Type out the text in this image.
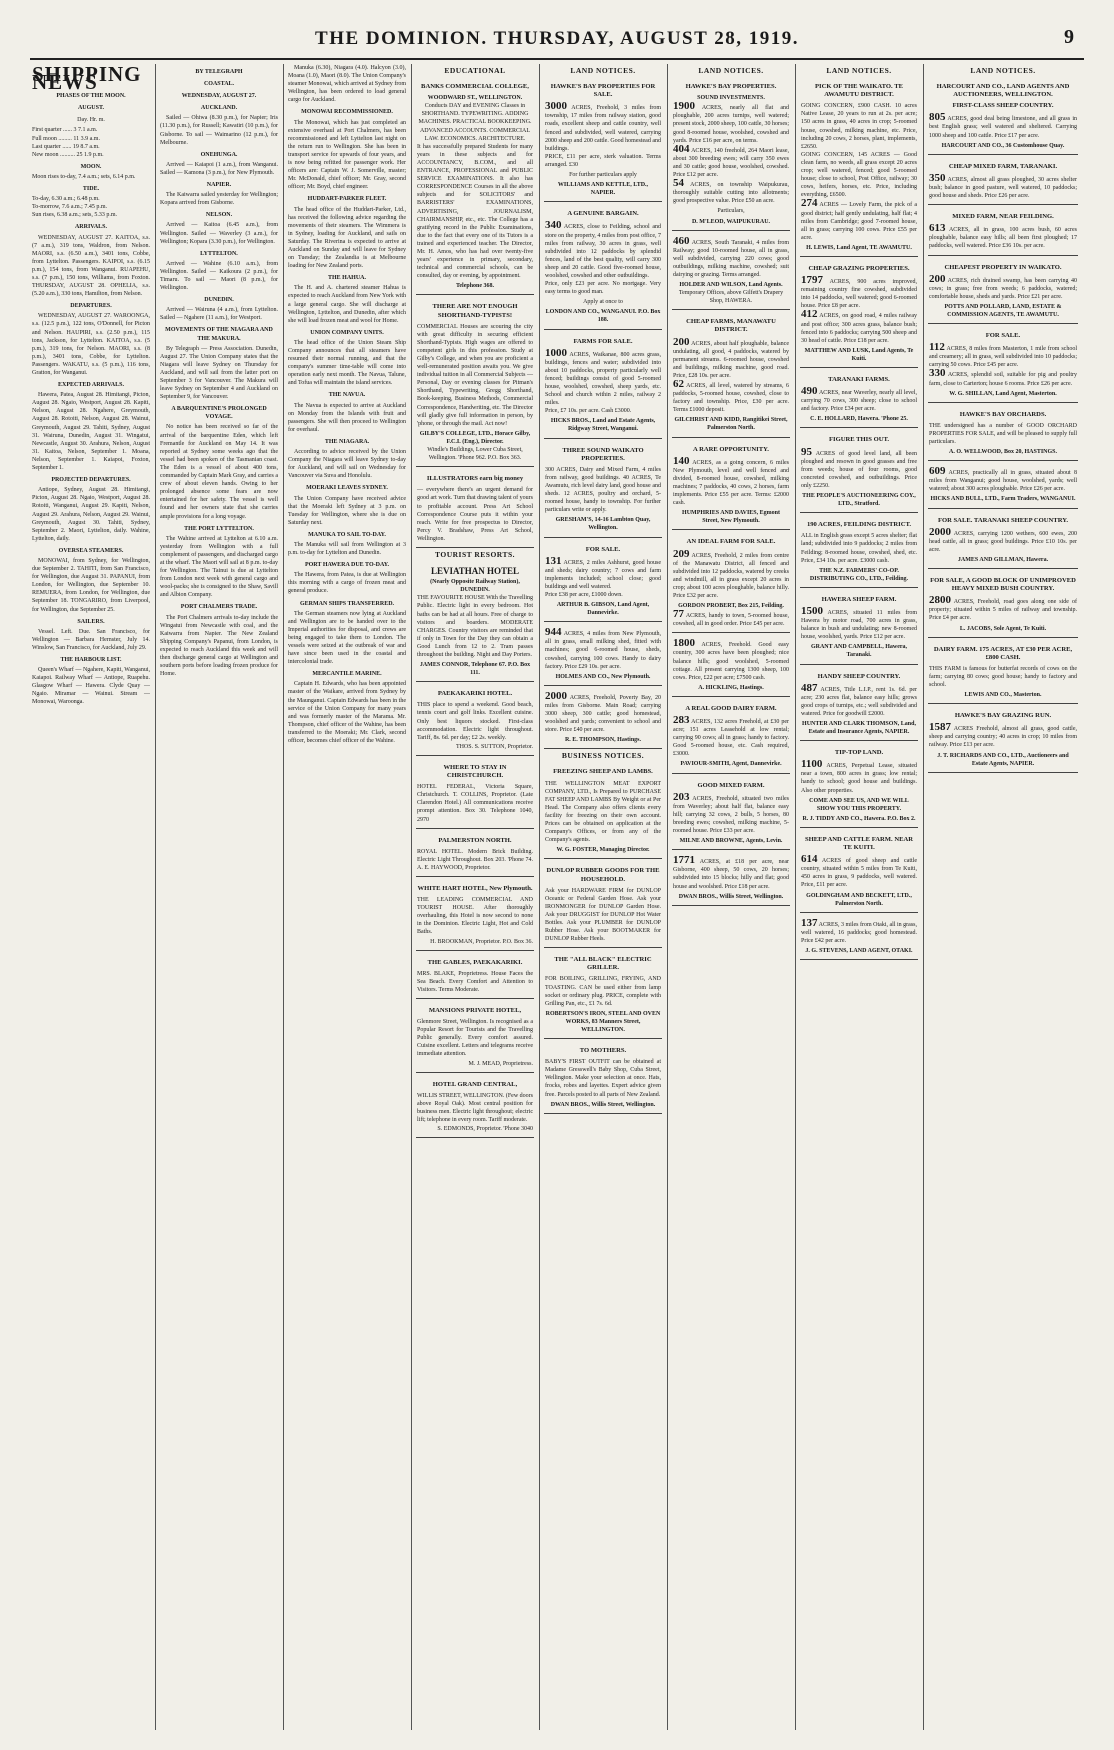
THE DOMINION. THURSDAY, AUGUST 28, 1919.	9
SHIPPING NEWS
PHASES OF THE MOON.
AUGUST.
Day. Hr. m.
First quarter ...... 3 7.1 a.m.
Full moon ......... 11 3.9 a.m.
Last quarter ...... 19 8.7 a.m.
New moon .......... 25 1.9 p.m.
MOON.
Moon rises to-day, 7.4 a.m.; sets, 6.14 p.m.
TIDE.
To-day, 6.30 a.m.; 6.48 p.m.
To-morrow, 7.6 a.m.; 7.45 p.m.
Sun rises, 6.38 a.m.; sets, 5.33 p.m.
ARRIVALS.

WEDNESDAY, AUGUST 27. KAITOA, s.s. (7 a.m.), 319 tons, Waldron, from Nelson. MAORI, s.s. (6.50 a.m.), 3401 tons, Cobbe, from Lyttelton. Passengers. KAIPOI, s.s. (6.15 p.m.), 154 tons, from Wanganui. RUAPEHU, s.s. (7 p.m.), 150 tons, Williams, from Foxton. THURSDAY, AUGUST 28. OPHELIA, s.s. (5.20 a.m.), 330 tons, Hamilton, from Nelson.

DEPARTURES.

WEDNESDAY, AUGUST 27. WAROONGA, s.s. (12.5 p.m.), 122 tons, O'Donnell, for Picton and Nelson. HAUPIRI, s.s. (2.50 p.m.), 115 tons, Jackson, for Lyttelton. KAITOA, s.s. (5 p.m.), 319 tons, for Nelson. MAORI, s.s. (8 p.m.), 3401 tons, Cobbe, for Lyttelton. Passengers. WAKATU, s.s. (5 p.m.), 116 tons, Gratton, for Wanganui.

EXPECTED ARRIVALS.

Hawera, Patea, August 28. Himitangi, Picton, August 28. Ngaio, Westport, August 28. Kapiti, Nelson, August 28. Ngahere, Greymouth, August 28. Rotoiti, Nelson, August 28. Wainui, Greymouth, August 29. Tahiti, Sydney, August 31. Wairuna, Dunedin, August 31. Wingatui, Newcastle, August 30. Arahura, Nelson, August 31. Kaitoa, Nelson, September 1. Moana, Nelson, September 1. Kaiapoi, Foxton, September 1.

PROJECTED DEPARTURES.

Antiope, Sydney, August 28. Himitangi, Picton, August 28. Ngaio, Westport, August 28. Rotoiti, Wanganui, August 29. Kapiti, Nelson, August 29. Arahura, Nelson, August 29. Wainui, Greymouth, August 30. Tahiti, Sydney, September 2. Maori, Lyttelton, daily. Wahine, Lyttelton, daily.

OVERSEA STEAMERS.

MONOWAI, from Sydney, for Wellington, due September 2. TAHITI, from San Francisco, for Wellington, due August 31. PAPANUI, from London, for Wellington, due September 10. REMUERA, from London, for Wellington, due September 18. TONGARIRO, from Liverpool, for Wellington, due September 25.

SAILERS.

Vessel. Left. Due. San Francisco, for Wellington — Barbara Hernster, July 14. Winslow, San Francisco, for Auckland, July 29.

THE HARBOUR LIST.

Queen's Wharf — Ngahere, Kapiti, Wanganui, Kaiapoi. Railway Wharf — Antiope, Ruapehu. Glasgow Wharf — Hawera. Clyde Quay — Ngaio. Miramar — Wainui. Stream — Monowai, Waroonga.

BY TELEGRAPH
COASTAL.
WEDNESDAY, AUGUST 27.
AUCKLAND.

Sailed — Ohiwa (8.30 p.m.), for Napier; Iris (11.30 p.m.), for Russell; Kawatiri (10 p.m.), for Gisborne. To sail — Waimarino (12 p.m.), for Melbourne.

ONEHUNGA.

Arrived — Kaiapoi (1 a.m.), from Wanganui. Sailed — Kamona (3 p.m.), for New Plymouth.

NAPIER.

The Kaiwarra sailed yesterday for Wellington; Kopara arrived from Gisborne.

NELSON.

Arrived — Kaitoa (6.45 a.m.), from Wellington. Sailed — Waverley (3 a.m.), for Wellington; Kopara (3.30 p.m.), for Wellington.

LYTTELTON.

Arrived — Wahine (6.10 a.m.), from Wellington. Sailed — Kaikoura (2 p.m.), for Timaru. To sail — Maori (8 p.m.), for Wellington.

DUNEDIN.

Arrived — Wairuna (4 a.m.), from Lyttelton. Sailed — Ngahere (11 a.m.), for Westport.

MOVEMENTS OF THE NIAGARA AND THE MAKURA.

By Telegraph — Press Association. Dunedin, August 27. The Union Company states that the Niagara will leave Sydney on Thursday for Auckland, and will sail from the latter port on September 3 for Vancouver. The Makura will leave Sydney on September 4 and Auckland on September 9, for Vancouver.

A BARQUENTINE'S PROLONGED VOYAGE.

No notice has been received so far of the arrival of the barquentine Eden, which left Fremantle for Auckland on May 14. It was reported at Sydney some weeks ago that the vessel had been spoken of the Tasmanian coast. The Eden is a vessel of about 400 tons, commanded by Captain Mark Gray, and carries a crew of about eleven hands. Owing to her prolonged absence some fears are now entertained for her safety. The vessel is well found and her owners state that she carries ample provisions for a long voyage.

THE PORT LYTTELTON.

The Wahine arrived at Lyttelton at 6.10 a.m. yesterday from Wellington with a full complement of passengers, and discharged cargo at the wharf. The Maori will sail at 8 p.m. to-day for Wellington. The Tainui is due at Lyttelton from London next week with general cargo and wool-packs; she is consigned to the Shaw, Savill and Albion Company.

PORT CHALMERS TRADE.

The Port Chalmers arrivals to-day include the Wingatui from Newcastle with coal, and the Kaiwarra from Napier. The New Zealand Shipping Company's Papanui, from London, is expected to reach Auckland this week and will then discharge general cargo at Wellington and southern ports before loading frozen produce for Home.

Manuka (6.30), Niagara (4.0). Halcyon (3.0), Moana (1.0), Maori (8.0). The Union Company's steamer Monowai, which arrived at Sydney from Wellington, has been ordered to load general cargo for Auckland.

MONOWAI RECOMMISSIONED.

The Monowai, which has just completed an extensive overhaul at Port Chalmers, has been recommissioned and left Lyttelton last night on the return run to Wellington. She has been in transport service for upwards of four years, and is now being refitted for passenger work. Her officers are: Captain W. J. Somerville, master; Mr. McDonald, chief officer; Mr. Gray, second officer; Mr. Boyd, chief engineer.

HUDDART-PARKER FLEET.

The head office of the Huddart-Parker, Ltd., has received the following advice regarding the movements of their steamers. The Wimmera is in Sydney, loading for Auckland, and sails on Saturday. The Riverina is expected to arrive at Auckland on Sunday and will leave for Sydney on Tuesday; the Zealandia is at Melbourne loading for New Zealand ports.

THE HAHUA.

The H. and A. chartered steamer Hahua is expected to reach Auckland from New York with a large general cargo. She will discharge at Wellington, Lyttelton, and Dunedin, after which she will load frozen meat and wool for Home.

UNION COMPANY UNITS.

The head office of the Union Steam Ship Company announces that all steamers have resumed their normal running, and that the company's summer time-table will come into operation early next month. The Navua, Talune, and Tofua will maintain the island services.

THE NAVUA.

The Navua is expected to arrive at Auckland on Monday from the Islands with fruit and passengers. She will then proceed to Wellington for overhaul.

THE NIAGARA.

According to advice received by the Union Company the Niagara will leave Sydney to-day for Auckland, and will sail on Wednesday for Vancouver via Suva and Honolulu.

MOERAKI LEAVES SYDNEY.

The Union Company have received advice that the Moeraki left Sydney at 3 p.m. on Tuesday for Wellington, where she is due on Saturday next.

MANUKA TO SAIL TO-DAY.

The Manuka will sail from Wellington at 3 p.m. to-day for Lyttelton and Dunedin.

PORT HAWERA DUE TO-DAY.

The Hawera, from Patea, is due at Wellington this morning with a cargo of frozen meat and general produce.

GERMAN SHIPS TRANSFERRED.

The German steamers now lying at Auckland and Wellington are to be handed over to the Imperial authorities for disposal, and crews are being engaged to take them to London. The vessels were seized at the outbreak of war and have since been used in the coastal and intercolonial trade.

MERCANTILE MARINE.

Captain H. Edwards, who has been appointed master of the Waikare, arrived from Sydney by the Maunganui. Captain Edwards has been in the service of the Union Company for many years and was formerly master of the Marama. Mr. Thompson, chief officer of the Wahine, has been transferred to the Moeraki; Mr. Clark, second officer, becomes chief officer of the Wahine.

EDUCATIONAL
BANKS COMMERCIAL COLLEGE,
WOODWARD ST., WELLINGTON.
Conducts DAY and EVENING Classes in SHORTHAND. TYPEWRITING. ADDING MACHINES. PRACTICAL BOOKKEEPING. ADVANCED ACCOUNTS. COMMERCIAL LAW. ECONOMICS. ARCHITECTURE.
It has successfully prepared Students for many years in these subjects and for ACCOUNTANCY, B.COM., and all ENTRANCE, PROFESSIONAL and PUBLIC SERVICE EXAMINATIONS. It also has CORRESPONDENCE Courses in all the above subjects and for SOLICITORS' and BARRISTERS' EXAMINATIONS, ADVERTISING, JOURNALISM, CHAIRMANSHIP, etc., etc. The College has a gratifying record in the Public Examinations, due to the fact that every one of its Tutors is a trained and experienced teacher. The Director, Mr. H. Amos, who has had over twenty-five years' experience in primary, secondary, technical and commercial schools, can be consulted, day or evening, by appointment.
Telephone 368.
THERE ARE NOT ENOUGH SHORTHAND-TYPISTS!
COMMERCIAL Houses are scouring the city with great difficulty in securing efficient Shorthand-Typists. High wages are offered to competent girls in this profession. Study at Gilby's College, and when you are proficient a well-remunerated position awaits you. We give individual tuition in all Commercial Subjects — Personal, Day or evening classes for Pitman's Shorthand, Typewriting, Gregg Shorthand, Book-keeping, Business Methods, Commercial Correspondence, Handwriting, etc. The Director will gladly give full information in person, by 'phone, or through the mail. Act now!
GILBY'S COLLEGE, LTD., Horace Gilby, F.C.I. (Eng.), Director.
Windle's Buildings, Lower Cuba Street, Wellington. 'Phone 962. P.O. Box 363.
ILLUSTRATORS earn big money
— everywhere there's an urgent demand for good art work. Turn that drawing talent of yours to profitable account. Press Art School Correspondence Course puts it within your reach. Write for free prospectus to Director, Percy V. Bradshaw, Press Art School, Wellington.
TOURIST RESORTS.
LEVIATHAN HOTEL
(Nearly Opposite Railway Station), DUNEDIN.
THE FAVOURITE HOUSE With the Travelling Public. Electric light in every bedroom. Hot baths can be had at all hours. Free of charge to visitors and boarders. MODERATE CHARGES. Country visitors are reminded that if only in Town for the Day they can obtain a Good Lunch from 12 to 2. Tram passes throughout the building. Night and Day Porters.
JAMES CONNOR, Telephone 67. P.O. Box 111.
PAEKAKARIKI HOTEL.
THIS place to spend a weekend. Good beach, tennis court and golf links. Excellent cuisine. Only best liquors stocked. First-class accommodation. Electric light throughout. Tariff, 8s. 6d. per day; £2 2s. weekly.
THOS. S. SUTTON, Proprietor.
WHERE TO STAY IN CHRISTCHURCH.
HOTEL FEDERAL, Victoria Square, Christchurch. T. COLLINS, Proprietor. (Late Clarendon Hotel.) All communications receive prompt attention. Box 30. Telephone 1040, 2970
PALMERSTON NORTH.
ROYAL HOTEL. Modern Brick Building. Electric Light Throughout. Box 203. 'Phone 74. A. E. HAYWOOD, Proprietor.
WHITE HART HOTEL, New Plymouth.
THE LEADING COMMERCIAL AND TOURIST HOUSE. After thoroughly overhauling, this Hotel is now second to none in the Dominion. Electric Light, Hot and Cold Baths.
H. BROOKMAN, Proprietor. P.O. Box 36.
THE GABLES, PAEKAKARIKI.
MRS. BLAKE, Proprietress. House Faces the Sea Beach. Every Comfort and Attention to Visitors. Terms Moderate.
MANSIONS PRIVATE HOTEL,
Glenmore Street, Wellington. Is recognised as a Popular Resort for Tourists and the Travelling Public generally. Every comfort assured. Cuisine excellent. Letters and telegrams receive immediate attention.
M. J. MEAD, Proprietress.
HOTEL GRAND CENTRAL,
WILLIS STREET, WELLINGTON. (Few doors above Royal Oak). Most central position for business men. Electric light throughout; electric lift; telephone in every room. Tariff moderate.
S. EDMONDS, Proprietor. 'Phone 3040
LAND NOTICES.
HAWKE'S BAY PROPERTIES FOR SALE.
3000 ACRES, Freehold, 3 miles from township, 17 miles from railway station, good roads, excellent sheep and cattle country, well fenced and subdivided, well watered, carrying 2000 sheep and 200 cattle. Good homestead and buildings.
PRICE, £11 per acre, sterk valuation. Terms arranged. £30
For further particulars apply
WILLIAMS AND KETTLE, LTD., NAPIER.
A GENUINE BARGAIN.
340 ACRES, close to Feilding, school and store on the property, 4 miles from post office, 7 miles from railway, 30 acres in grass, well subdivided into 12 paddocks by splendid fences, land of the best quality, will carry 300 sheep and 20 cattle. Good five-roomed house, woolshed, cowshed and other outbuildings.
Price, only £23 per acre. No mortgage. Very easy terms to good man.
Apply at once to
LONDON AND CO., WANGANUI. P.O. Box 188.
FARMS FOR SALE.
1000 ACRES, Waikanae, 800 acres grass, buildings, fences and water; subdivided into about 10 paddocks, property particularly well fenced; buildings consist of good 5-roomed house, woolshed, cowshed, sheep yards, etc. School and church within 2 miles, railway 2 miles.
Price, £7 10s. per acre. Cash £3000.
HICKS BROS., Land and Estate Agents, Ridgway Street, Wanganui.
THREE SOUND WAIKATO PROPERTIES.
300 ACRES, Dairy and Mixed Farm, 4 miles from railway, good buildings. 40 ACRES, Te Awamutu, rich level dairy land, good house and sheds. 12 ACRES, poultry and orchard, 5-roomed house, handy to township. For further particulars write or apply.
GRESHAM'S, 14-16 Lambton Quay, Wellington.
FOR SALE.
131 ACRES, 2 miles Ashhurst, good house and sheds; dairy country; 7 cows and farm implements included; school close; good buildings and well watered.
Price £38 per acre, £1000 down.
ARTHUR B. GIBSON, Land Agent, Dannevirke.
944 ACRES, 4 miles from New Plymouth, all in grass, small milking shed, fitted with machines; good 6-roomed house, sheds, cowshed, carrying 100 cows. Handy to dairy factory. Price £29 10s. per acre.
HOLMES AND CO., New Plymouth.
2000 ACRES, Freehold, Poverty Bay, 20 miles from Gisborne. Main Road; carrying 3000 sheep, 300 cattle; good homestead, woolshed and yards; convenient to school and store. Price £40 per acre.
R. E. THOMPSON, Hastings.
BUSINESS NOTICES.
FREEZING SHEEP AND LAMBS.
THE WELLINGTON MEAT EXPORT COMPANY, LTD., Is Prepared to PURCHASE FAT SHEEP AND LAMBS By Weight or at Per Head. The Company also offers clients every facility for freezing on their own account. Prices can be obtained on application at the Company's Offices, or from any of the Company's agents.
W. G. FOSTER, Managing Director.
DUNLOP RUBBER GOODS FOR THE HOUSEHOLD.
Ask your HARDWARE FIRM for DUNLOP Oceanic or Federal Garden Hose. Ask your IRONMONGER for DUNLOP Garden Hose. Ask your DRUGGIST for DUNLOP Hot Water Bottles. Ask your PLUMBER for DUNLOP Rubber Hose. Ask your BOOTMAKER for DUNLOP Rubber Heels.
THE "ALL BLACK" ELECTRIC GRILLER.
FOR BOILING, GRILLING, FRYING, AND TOASTING. CAN be used either from lamp socket or ordinary plug. PRICE, complete with Grilling Pan, etc., £1 7s. 6d.
ROBERTSON'S IRON, STEEL AND OVEN WORKS, 83 Manners Street, WELLINGTON.
TO MOTHERS.
BABY'S FIRST OUTFIT can be obtained at Madame Gresswell's Baby Shop, Cuba Street, Wellington. Make your selection at once. Hats, frocks, robes and layettes. Expert advice given free. Parcels posted to all parts of New Zealand.
DWAN BROS., Willis Street, Wellington.
LAND NOTICES.
HAWKE'S BAY PROPERTIES.
SOUND INVESTMENTS.
1900 ACRES, nearly all flat and ploughable, 200 acres turnips, well watered; present stock, 2000 sheep, 100 cattle, 30 horses; good 8-roomed house, woolshed, cowshed and yards. Price £16 per acre, on terms.
404 ACRES, 140 freehold, 264 Maori lease, about 300 breeding ewes; will carry 350 ewes and 30 cattle; good house, woolshed, cowshed. Price £12 per acre.
54 ACRES, on township Waipukurau, thoroughly suitable cutting into allotments; good prospective value. Price £50 an acre.
Particulars,
D. M'LEOD, WAIPUKURAU.
460 ACRES, South Taranaki, 4 miles from Railway; good 10-roomed house, all in grass, well subdivided, carrying 220 cows; good outbuildings, milking machine, cowshed; suit dairying or grazing. Terms arranged.
HOLDER AND WILSON, Land Agents.
Temporary Offices, above Gilfett's Drapery Shop, HAWERA.
CHEAP FARMS, MANAWATU DISTRICT.
200 ACRES, about half ploughable, balance undulating, all good, 4 paddocks, watered by permanent streams. 6-roomed house, cowshed and buildings, milking machine, good road. Price, £28 10s. per acre.
62 ACRES, all level, watered by streams, 6 paddocks, 5-roomed house, cowshed, close to factory and township. Price, £30 per acre. Terms £1000 deposit.
GILCHRIST AND KIDD, Rangitikei Street, Palmerston North.
A RARE OPPORTUNITY.
140 ACRES, as a going concern, 6 miles New Plymouth, level and well fenced and divided, 8-roomed house, cowshed, milking machines; 7 paddocks, 40 cows, 2 horses, farm implements. Price £55 per acre. Terms: £2000 cash.
HUMPHRIES AND DAVIES, Egmont Street, New Plymouth.
AN IDEAL FARM FOR SALE.
209 ACRES, Freehold, 2 miles from centre of the Manawatu District, all fenced and subdivided into 12 paddocks, watered by creeks and windmill, all in grass except 20 acres in crop; about 100 acres ploughable, balance hilly. Price £32 per acre.
GORDON PROBERT, Box 215, Feilding.
77 ACRES, handy to town, 5-roomed house, cowshed, all in good order. Price £45 per acre.
1800 ACRES, Freehold. Good easy country, 300 acres have been ploughed; nice balance hills; good woolshed, 5-roomed cottage. All present carrying 1300 sheep, 100 cows. Price, £22 per acre; £7500 cash.
A. HICKLING, Hastings.
A REAL GOOD DAIRY FARM.
283 ACRES, 132 acres Freehold, at £30 per acre; 151 acres Leasehold at low rental; carrying 90 cows; all in grass; handy to factory. Good 5-roomed house, etc. Cash required, £3000.
PAVIOUR-SMITH, Agent, Dannevirke.
GOOD MIXED FARM.
203 ACRES, Freehold, situated two miles from Waverley; about half flat, balance easy hill; carrying 32 cows, 2 bulls, 5 horses, 80 breeding ewes; cowshed, milking machine, 5-roomed house. Price £33 per acre.
MILNE AND BROWNE, Agents, Levin.
1771 ACRES, at £18 per acre, near Gisborne, 400 sheep, 50 cows, 20 horses; subdivided into 15 blocks; hilly and flat; good house and woolshed. Price £18 per acre.
DWAN BROS., Willis Street, Wellington.
LAND NOTICES.
PICK OF THE WAIKATO. TE AWAMUTU DISTRICT.
GOING CONCERN, £900 CASH. 10 acres Native Lease, 20 years to run at 2s. per acre; 150 acres in grass, 40 acres in crop; 5-roomed house, cowshed, milking machine, etc. Price, including 20 cows, 2 horses, plant, implements, £2650.
GOING CONCERN, 145 ACRES — Good clean farm, no weeds, all grass except 20 acres crop; well watered, fenced; good 5-roomed house; close to school, Post Office, railway; 30 cows, heifers, horses, etc. Price, including everything, £6500.
274 ACRES — Lovely Farm, the pick of a good district; half gently undulating, half flat; 4 miles from Cambridge; good 7-roomed house, all in grass; carrying 100 cows. Price £55 per acre.
H. LEWIS, Land Agent, TE AWAMUTU.
CHEAP GRAZING PROPERTIES.
1797 ACRES, 900 acres improved, remaining country fine cowshed, subdivided into 14 paddocks, well watered; good 6-roomed house. Price £8 per acre.
412 ACRES, on good road, 4 miles railway and post office; 300 acres grass, balance bush; fenced into 6 paddocks; carrying 500 sheep and 30 head of cattle. Price £18 per acre.
MATTHEW AND LUSK, Land Agents, Te Kuiti.
TARANAKI FARMS.
490 ACRES, near Waverley, nearly all level, carrying 70 cows, 300 sheep; close to school and factory. Price £34 per acre.
C. E. HOLLARD, Hawera. 'Phone 25.
FIGURE THIS OUT.
95 ACRES of good level land, all been ploughed and resown in good grasses and free from weeds; house of four rooms, good concreted cowshed, and outbuildings. Price only £2250.
THE PEOPLE'S AUCTIONEERING COY., LTD., Stratford.
190 ACRES, FEILDING DISTRICT.
ALL in English grass except 5 acres shelter; flat land; subdivided into 9 paddocks; 2 miles from Feilding; 8-roomed house, cowshed, shed, etc. Price, £34 10s. per acre. £3000 cash.
THE N.Z. FARMERS' CO-OP. DISTRIBUTING CO., LTD., Feilding.
HAWERA SHEEP FARM.
1500 ACRES, situated 11 miles from Hawera by motor road, 700 acres in grass, balance in bush and undulating; new 8-roomed house, woolshed, yards. Price £12 per acre.
GRANT AND CAMPBELL, Hawera, Taranaki.
HANDY SHEEP COUNTRY.
487 ACRES, Title L.I.P., rent 1s. 6d. per acre; 230 acres flat, balance easy hills; grows good crops of turnips, etc.; well subdivided and watered. Price for goodwill £2000.
HUNTER AND CLARK THOMSON, Land, Estate and Insurance Agents, NAPIER.
TIP-TOP LAND.
1100 ACRES, Perpetual Lease, situated near a town, 800 acres in grass; low rental; handy to school; good house and buildings. Also other properties.
COME AND SEE US, AND WE WILL SHOW YOU THIS PROPERTY.
R. J. TIDDY AND CO., Hawera. P.O. Box 2.
SHEEP AND CATTLE FARM. NEAR TE KUITI.
614 ACRES of good sheep and cattle country, situated within 5 miles from Te Kuiti, 450 acres in grass, 9 paddocks, well watered. Price, £11 per acre.
GOLDINGHAM AND BECKETT, LTD., Palmerston North.
137 ACRES, 3 miles from Otaki, all in grass, well watered, 16 paddocks; good homestead. Price £42 per acre.
J. G. STEVENS, LAND AGENT, OTAKI.
LAND NOTICES.
HARCOURT AND CO., LAND AGENTS AND AUCTIONEERS, WELLINGTON.
FIRST-CLASS SHEEP COUNTRY.
805 ACRES, good deal being limestone, and all grass in best English grass; well watered and sheltered. Carrying 1000 sheep and 100 cattle. Price £17 per acre.
HARCOURT AND CO., 36 Customhouse Quay.
CHEAP MIXED FARM, TARANAKI.
350 ACRES, almost all grass ploughed, 30 acres shelter bush; balance in good pasture, well watered, 10 paddocks; good house and sheds. Price £26 per acre.
MIXED FARM, NEAR FEILDING.
613 ACRES, all in grass, 100 acres bush, 60 acres ploughable, balance easy hills; all been first ploughed; 17 paddocks, well watered. Price £36 10s. per acre.
CHEAPEST PROPERTY IN WAIKATO.
200 ACRES, rich drained swamp, has been carrying 40 cows; in grass; free from weeds; 6 paddocks, watered; comfortable house, sheds and yards. Price £21 per acre.
POTTS AND POLLARD, LAND, ESTATE & COMMISSION AGENTS, TE AWAMUTU.
FOR SALE.
112 ACRES, 8 miles from Masterton, 1 mile from school and creamery; all in grass, well subdivided into 10 paddocks; carrying 50 cows. Price £45 per acre.
330 ACRES, splendid soil, suitable for pig and poultry farm, close to Carterton; house 6 rooms. Price £26 per acre.
W. G. SHILLAN, Land Agent, Masterton.
HAWKE'S BAY ORCHARDS.
THE undersigned has a number of GOOD ORCHARD PROPERTIES FOR SALE, and will be pleased to supply full particulars.
A. O. WELLWOOD, Box 20, HASTINGS.
609 ACRES, practically all in grass, situated about 8 miles from Wanganui; good house, woolshed, yards; well watered; about 300 acres ploughable. Price £26 per acre.
HICKS AND BULL, LTD., Farm Traders, WANGANUI.
FOR SALE. TARANAKI SHEEP COUNTRY.
2000 ACRES, carrying 1200 wethers, 600 ewes, 200 head cattle, all in grass; good buildings. Price £10 10s. per acre.
JAMES AND GILLMAN, Hawera.
FOR SALE, A GOOD BLOCK OF UNIMPROVED HEAVY MIXED BUSH COUNTRY.
2800 ACRES, Freehold, road goes along one side of property; situated within 5 miles of railway and township. Price £4 per acre.
L. JACOBS, Sole Agent, Te Kuiti.
DAIRY FARM. 175 ACRES, AT £30 PER ACRE, £800 CASH.
THIS FARM is famous for butterfat records of cows on the farm; carrying 80 cows; good house; handy to factory and school.
LEWIS AND CO., Masterton.
HAWKE'S BAY GRAZING RUN.
1587 ACRES Freehold, almost all grass, good cattle, sheep and carrying country; 40 acres in crop; 10 miles from railway. Price £13 per acre.
J. T. RICHARDS AND CO., LTD., Auctioneers and Estate Agents, NAPIER.
